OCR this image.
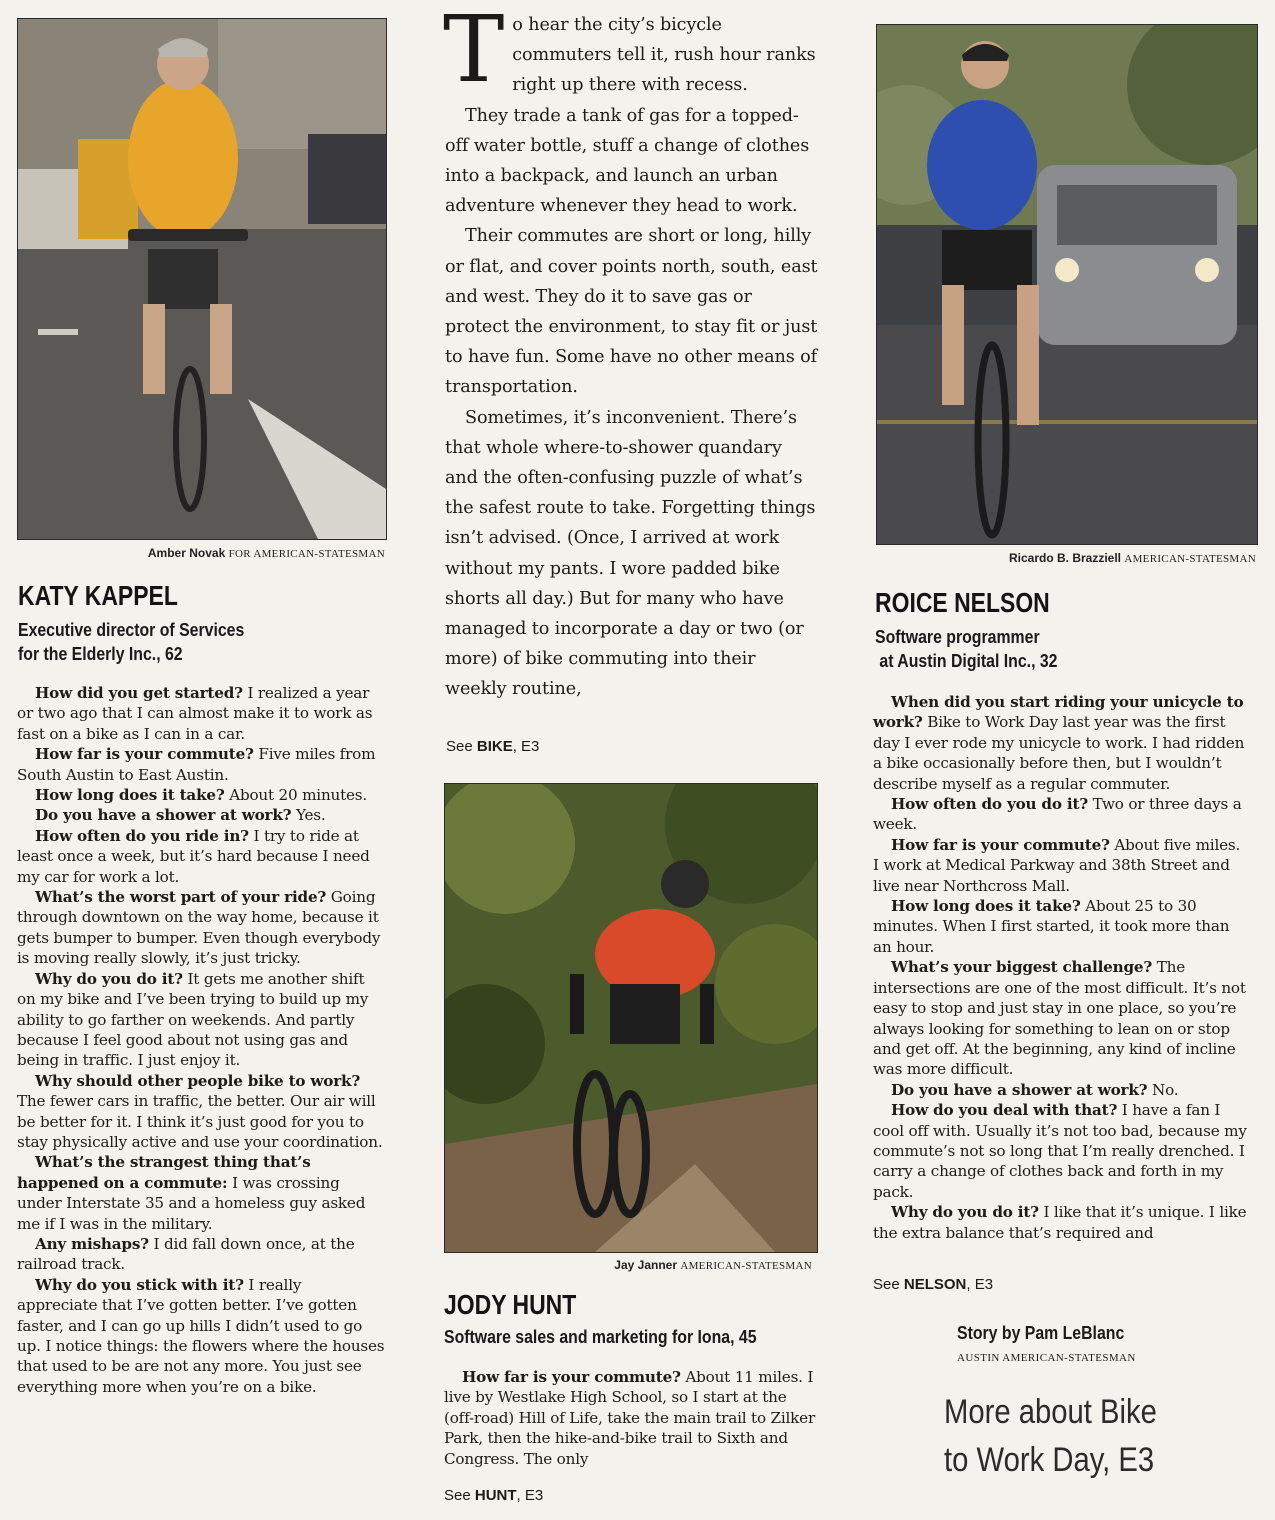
Amber Novak FOR AMERICAN-STATESMAN
KATY KAPPEL
Executive director of Services
for the Elderly Inc., 62

How did you get started? I realized a year or two ago that I can almost make it to work as fast on a bike as I can in a car.

How far is your commute? Five miles from South Austin to East Austin.

How long does it take? About 20 minutes.

Do you have a shower at work? Yes.

How often do you ride in? I try to ride at least once a week, but it’s hard because I need my car for work a lot.

What’s the worst part of your ride? Going through downtown on the way home, because it gets bumper to bumper. Even though everybody is moving really slowly, it’s just tricky.

Why do you do it? It gets me another shift on my bike and I’ve been trying to build up my ability to go farther on weekends. And partly because I feel good about not using gas and being in traffic. I just enjoy it.

Why should other people bike to work? The fewer cars in traffic, the better. Our air will be better for it. I think it’s just good for you to stay physically active and use your coordination.

What’s the strangest thing that’s happened on a commute: I was crossing under Interstate 35 and a homeless guy asked me if I was in the military.

Any mishaps? I did fall down once, at the railroad track.

Why do you stick with it? I really appreciate that I’ve gotten better. I’ve gotten faster, and I can go up hills I didn’t used to go up. I notice things: the flowers where the houses that used to be are not any more. You just see everything more when you’re on a bike.

To hear the city’s bicycle commuters tell it, rush hour ranks right up there with recess.

They trade a tank of gas for a topped-off water bottle, stuff a change of clothes into a backpack, and launch an urban adventure whenever they head to work.

Their commutes are short or long, hilly or flat, and cover points north, south, east and west. They do it to save gas or protect the environment, to stay fit or just to have fun. Some have no other means of transportation.

Sometimes, it’s inconvenient. There’s that whole where-to-shower quandary and the often-confusing puzzle of what’s the safest route to take. Forgetting things isn’t advised. (Once, I arrived at work without my pants. I wore padded bike shorts all day.) But for many who have managed to incorporate a day or two (or more) of bike commuting into their weekly routine,

See BIKE, E3
Jay Janner AMERICAN-STATESMAN
JODY HUNT
Software sales and marketing for Iona, 45

How far is your commute? About 11 miles. I live by Westlake High School, so I start at the (off-road) Hill of Life, take the main trail to Zilker Park, then the hike-and-bike trail to Sixth and Congress. The only

See HUNT, E3
Ricardo B. Brazziell AMERICAN-STATESMAN
ROICE NELSON
Software programmer
at Austin Digital Inc., 32

When did you start riding your unicycle to work? Bike to Work Day last year was the first day I ever rode my unicycle to work. I had ridden a bike occasionally before then, but I wouldn’t describe myself as a regular commuter.

How often do you do it? Two or three days a week.

How far is your commute? About five miles. I work at Medical Parkway and 38th Street and live near Northcross Mall.

How long does it take? About 25 to 30 minutes. When I first started, it took more than an hour.

What’s your biggest challenge? The intersections are one of the most difficult. It’s not easy to stop and just stay in one place, so you’re always looking for something to lean on or stop and get off. At the beginning, any kind of incline was more difficult.

Do you have a shower at work? No.

How do you deal with that? I have a fan I cool off with. Usually it’s not too bad, because my commute’s not so long that I’m really drenched. I carry a change of clothes back and forth in my pack.

Why do you do it? I like that it’s unique. I like the extra balance that’s required and

See NELSON, E3
Story by Pam LeBlanc
AUSTIN AMERICAN-STATESMAN
More about Bike
to Work Day, E3
